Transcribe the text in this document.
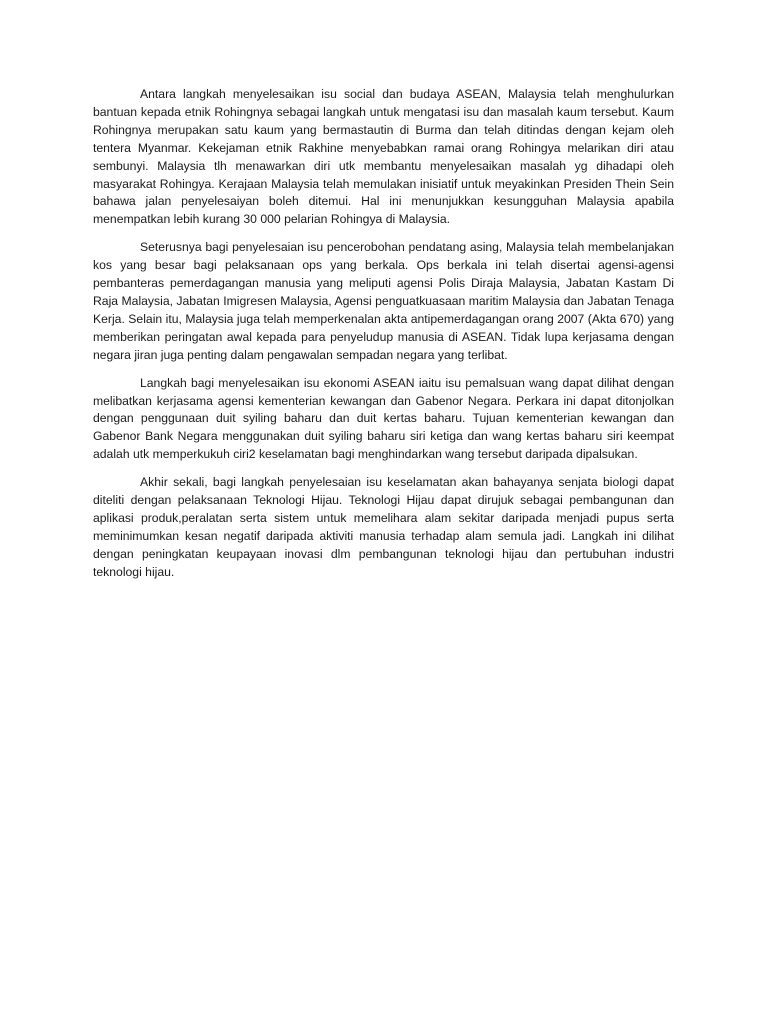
Antara langkah menyelesaikan isu social dan budaya ASEAN, Malaysia telah menghulurkan bantuan kepada etnik Rohingnya sebagai langkah untuk mengatasi isu dan masalah kaum tersebut. Kaum Rohingnya merupakan satu kaum yang bermastautin di Burma dan telah ditindas dengan kejam oleh tentera Myanmar. Kekejaman etnik Rakhine menyebabkan ramai orang Rohingya melarikan diri atau sembunyi. Malaysia tlh menawarkan diri utk membantu menyelesaikan masalah yg dihadapi oleh masyarakat Rohingya. Kerajaan Malaysia telah memulakan inisiatif untuk meyakinkan Presiden Thein Sein bahawa jalan penyelesaiyan boleh ditemui. Hal ini menunjukkan kesungguhan Malaysia apabila menempatkan lebih kurang 30 000 pelarian Rohingya di Malaysia.

Seterusnya bagi penyelesaian isu pencerobohan pendatang asing, Malaysia telah membelanjakan kos yang besar bagi pelaksanaan ops yang berkala. Ops berkala ini telah disertai agensi-agensi pembanteras pemerdagangan manusia yang meliputi agensi Polis Diraja Malaysia, Jabatan Kastam Di Raja Malaysia, Jabatan Imigresen Malaysia, Agensi penguatkuasaan maritim Malaysia dan Jabatan Tenaga Kerja. Selain itu, Malaysia juga telah memperkenalan akta antipemerdagangan orang 2007 (Akta 670) yang memberikan peringatan awal kepada para penyeludup manusia di ASEAN. Tidak lupa kerjasama dengan negara jiran juga penting dalam pengawalan sempadan negara yang terlibat.

Langkah bagi menyelesaikan isu ekonomi ASEAN iaitu isu pemalsuan wang dapat dilihat dengan melibatkan kerjasama agensi kementerian kewangan dan Gabenor Negara. Perkara ini dapat ditonjolkan dengan penggunaan duit syiling baharu dan duit kertas baharu. Tujuan kementerian kewangan dan Gabenor Bank Negara menggunakan duit syiling baharu siri ketiga dan wang kertas baharu siri keempat adalah utk memperkukuh ciri2 keselamatan bagi menghindarkan wang tersebut daripada dipalsukan.

Akhir sekali, bagi langkah penyelesaian isu keselamatan akan bahayanya senjata biologi dapat diteliti dengan pelaksanaan Teknologi Hijau. Teknologi Hijau dapat dirujuk sebagai pembangunan dan aplikasi produk,peralatan serta sistem untuk memelihara alam sekitar daripada menjadi pupus serta meminimumkan kesan negatif daripada aktiviti manusia terhadap alam semula jadi. Langkah ini dilihat dengan peningkatan keupayaan inovasi dlm pembangunan teknologi hijau dan pertubuhan industri teknologi hijau.
